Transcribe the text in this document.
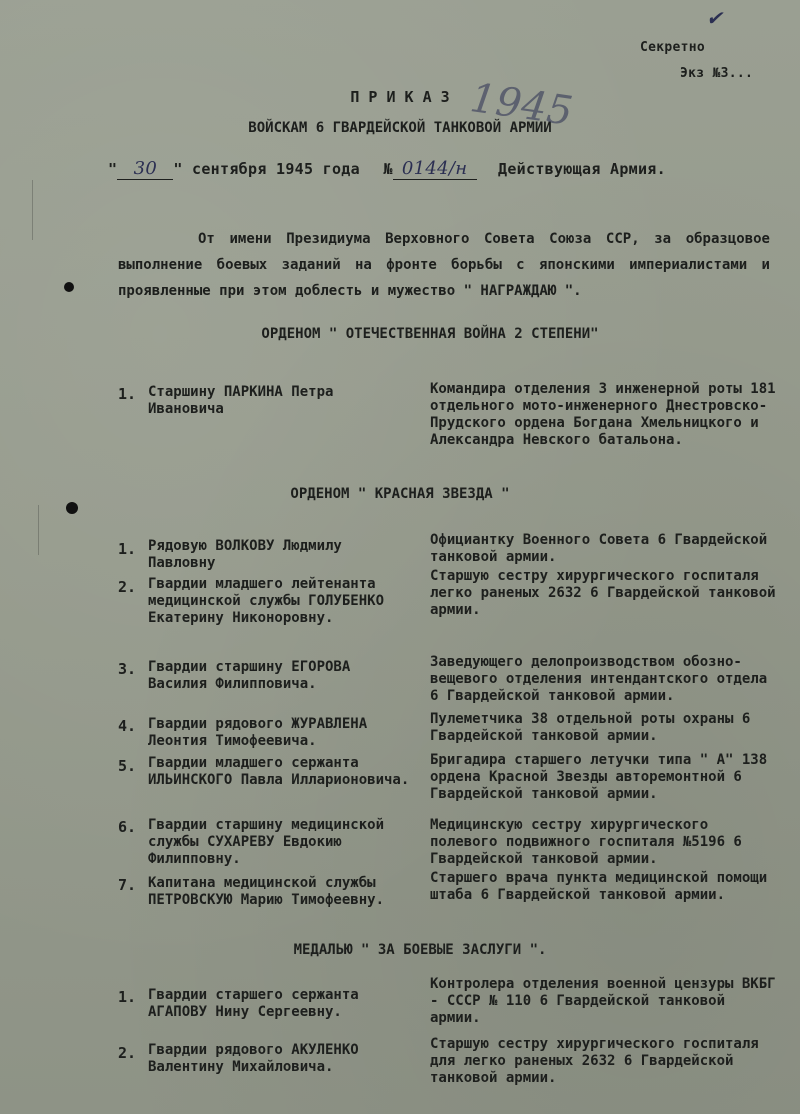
Секретно
Экз №3...
✔
П Р И К А З
ВОЙСКАМ 6 ГВАРДЕЙСКОЙ ТАНКОВОЙ АРМИИ
1945
" 30 " сентября 1945 года № 0144/н Действующая Армия.
От имени Президиума Верховного Совета Союза ССР, за образцовое выполнение боевых заданий на фронте борьбы с японскими империалистами и проявленные при этом доблесть и мужество " НАГРАЖДАЮ ".
ОРДЕНОМ " ОТЕЧЕСТВЕННАЯ ВОЙНА 2 СТЕПЕНИ"
1. Старшину ПАРКИНА Петра Ивановича
Командира отделения 3 инженерной роты 181 отдельного мото-инженерного Днестровско-Прудского ордена Богдана Хмельницкого и Александра Невского батальона.
ОРДЕНОМ " КРАСНАЯ ЗВЕЗДА "
1. Рядовую ВОЛКОВУ Людмилу Павловну
Официантку Военного Совета 6 Гвардейской танковой армии.
2. Гвардии младшего лейтенанта медицинской службы ГОЛУБЕНКО Екатерину Никоноровну.
Старшую сестру хирургического госпиталя легко раненых 2632 6 Гвардейской танковой армии.
3. Гвардии старшину ЕГОРОВА Василия Филипповича.
Заведующего делопроизводством обозно-вещевого отделения интендантского отдела 6 Гвардейской танковой армии.
4. Гвардии рядового ЖУРАВЛЕНА Леонтия Тимофеевича.
Пулеметчика 38 отдельной роты охраны 6 Гвардейской танковой армии.
5. Гвардии младшего сержанта ИЛЬИНСКОГО Павла Илларионовича.
Бригадира старшего летучки типа " А" 138 ордена Красной Звезды авторемонтной 6 Гвардейской танковой армии.
6. Гвардии старшину медицинской службы СУХАРЕВУ Евдокию Филипповну.
Медицинскую сестру хирургического полевого подвижного госпиталя №5196 6 Гвардейской танковой армии.
7. Капитана медицинской службы ПЕТРОВСКУЮ Марию Тимофеевну.
Старшего врача пункта медицинской помощи штаба 6 Гвардейской танковой армии.
МЕДАЛЬЮ " ЗА БОЕВЫЕ ЗАСЛУГИ ".
1. Гвардии старшего сержанта АГАПОВУ Нину Сергеевну.
Контролера отделения военной цензуры ВКБГ - СССР № 110 6 Гвардейской танковой армии.
2. Гвардии рядового АКУЛЕНКО Валентину Михайловича.
Старшую сестру хирургического госпиталя для легко раненых 2632 6 Гвардейской танковой армии.
